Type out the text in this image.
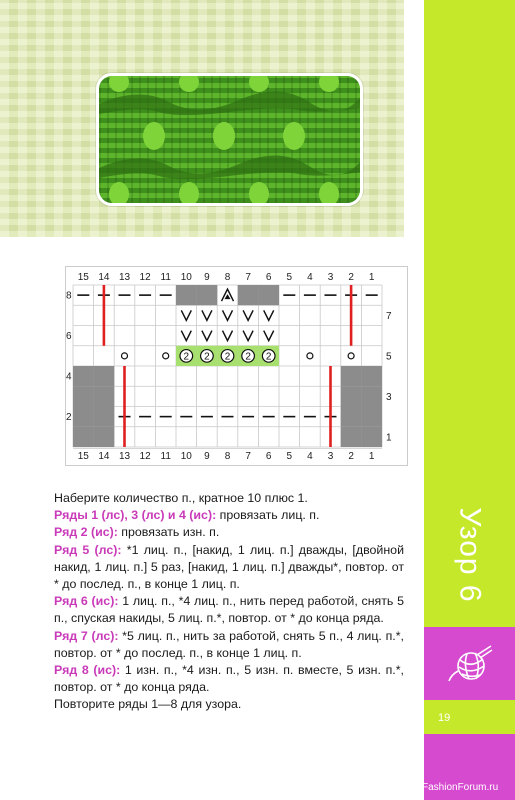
Узор 6
19
FashionForum.ru
2 2 2 2 2
15
15
14
14
13
13
12
12
11
11
10
10
9
9
8
8
7
7
6
6
5
5
4
4
3
3
2
2
1
1
8
6
4
2
7
5
3
1

Наберите количество п., кратное 10 плюс 1.

Ряды 1 (лс), 3 (лс) и 4 (ис): провязать лиц. п.

Ряд 2 (ис): провязать изн. п.

Ряд 5 (лс): *1 лиц. п., [накид, 1 лиц. п.] дважды, [двойной накид, 1 лиц. п.] 5 раз, [накид, 1 лиц. п.] дважды*, повтор. от * до послед. п., в конце 1 лиц. п.

Ряд 6 (ис): 1 лиц. п., *4 лиц. п., нить перед работой, снять 5 п., спуская накиды, 5 лиц. п.*, повтор. от * до конца ряда.

Ряд 7 (лс): *5 лиц. п., нить за работой, снять 5 п., 4 лиц. п.*, повтор. от * до послед. п., в конце 1 лиц. п.

Ряд 8 (ис): 1 изн. п., *4 изн. п., 5 изн. п. вместе, 5 изн. п.*, повтор. от * до конца ряда.

Повторите ряды 1—8 для узора.
